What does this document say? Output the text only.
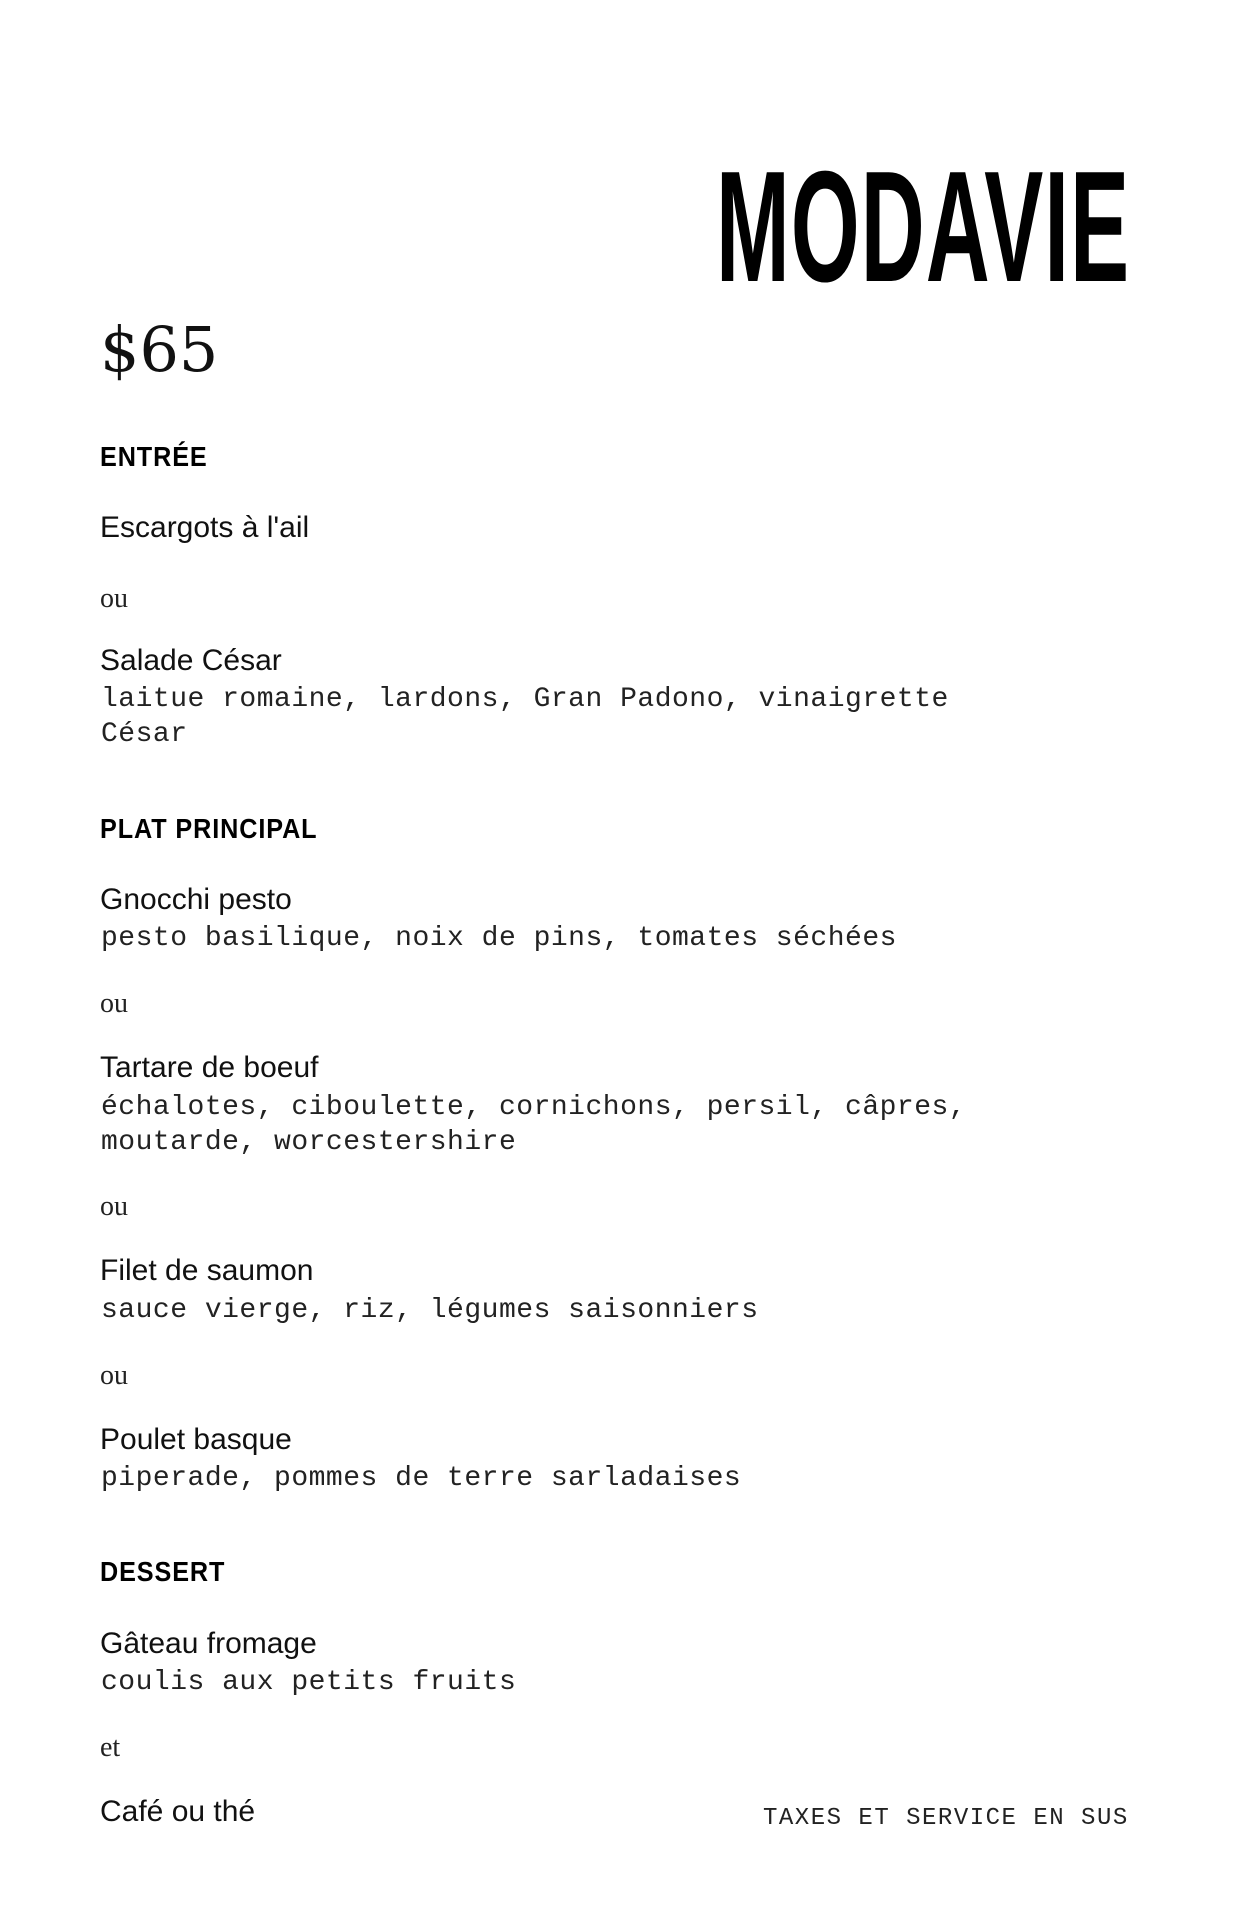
MODAVIE
$65
ENTRÉE
Escargots à l'ail
ou
Salade César
laitue romaine, lardons, Gran Padono, vinaigrette César
PLAT PRINCIPAL
Gnocchi pesto
pesto basilique, noix de pins, tomates séchées
ou
Tartare de boeuf
échalotes, ciboulette, cornichons, persil, câpres, moutarde, worcestershire
ou
Filet de saumon
sauce vierge, riz, légumes saisonniers
ou
Poulet basque
piperade, pommes de terre sarladaises
DESSERT
Gâteau fromage
coulis aux petits fruits
et
Café ou thé	TAXES ET SERVICE EN SUS
